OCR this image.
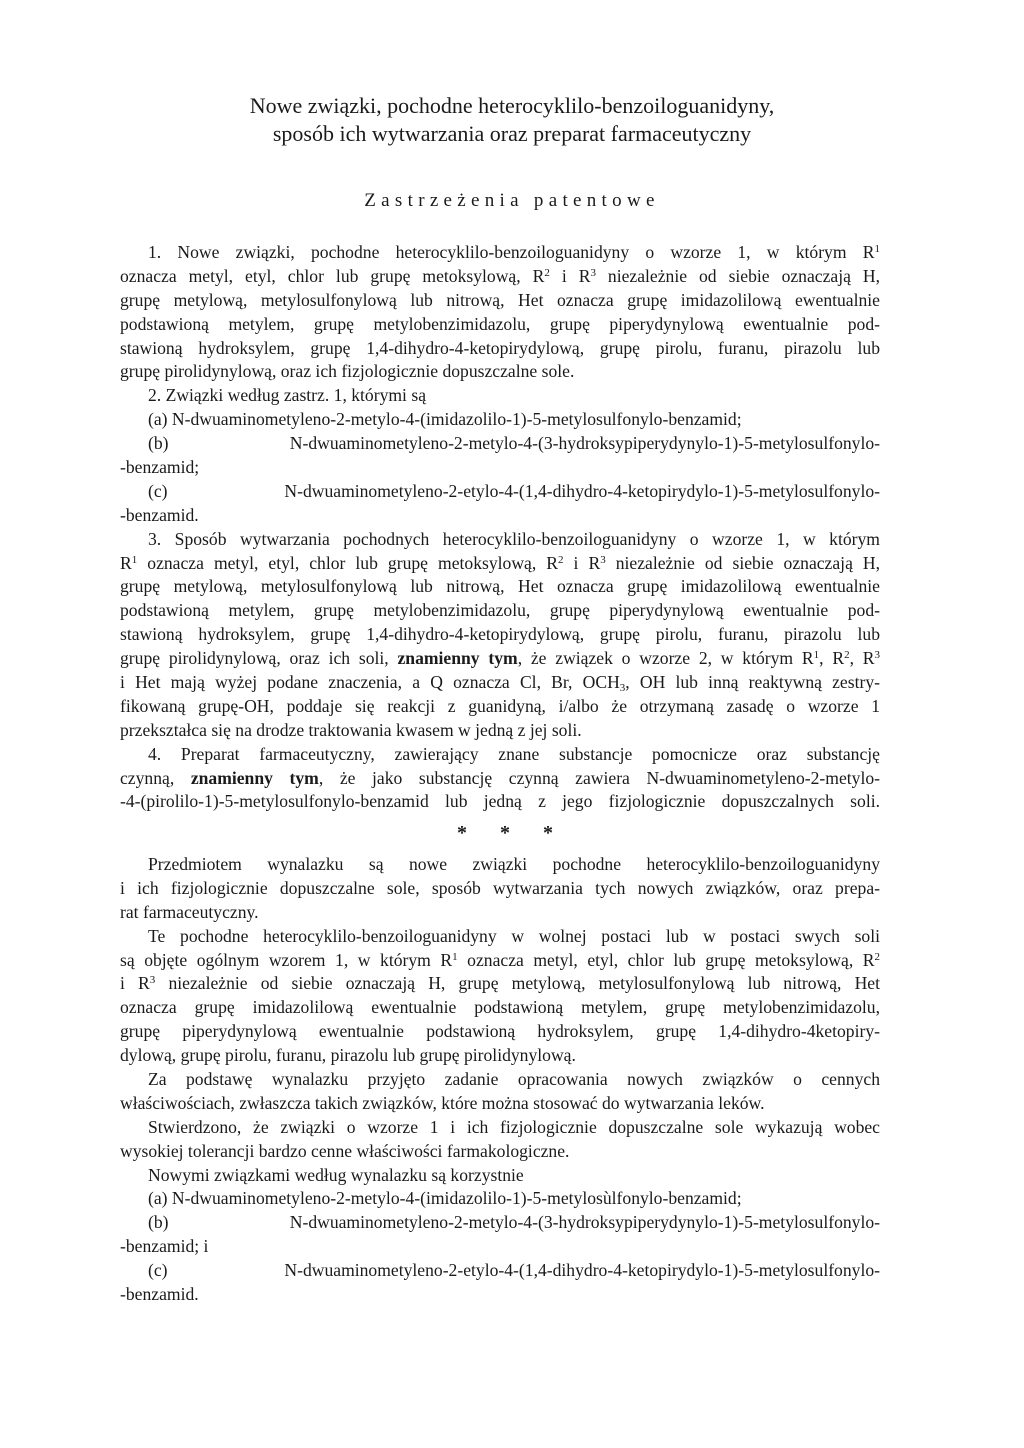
Nowe związki, pochodne heterocyklilo-benzoiloguanidyny,
sposób ich wytwarzania oraz preparat farmaceutyczny
Zastrzeżenia patentowe
1. Nowe związki, pochodne heterocyklilo-benzoiloguanidyny o wzorze 1, w którym $R^1$
oznacza metyl, etyl, chlor lub grupę metoksylową, $R^2$ i $R^3$ niezależnie od siebie oznaczają H,
grupę metylową, metylosulfonylową lub nitrową, Het oznacza grupę imidazolilową ewentualnie
podstawioną metylem, grupę metylobenzimidazolu, grupę piperydynylową ewentualnie pod-
stawioną hydroksylem, grupę 1,4-dihydro-4-ketopirydylową, grupę pirolu, furanu, pirazolu lub
grupę pirolidynylową, oraz ich fizjologicznie dopuszczalne sole.
2. Związki według zastrz. 1, którymi są
(a) N-dwuaminometyleno-2-metylo-4-(imidazolilo-1)-5-metylosulfonylo-benzamid;
(b) N-dwuaminometyleno-2-metylo-4-(3-hydroksypiperydynylo-1)-5-metylosulfonylo-
-benzamid;
(c) N-dwuaminometyleno-2-etylo-4-(1,4-dihydro-4-ketopirydylo-1)-5-metylosulfonylo-
-benzamid.
3. Sposób wytwarzania pochodnych heterocyklilo-benzoiloguanidyny o wzorze 1, w którym
$R^1$ oznacza metyl, etyl, chlor lub grupę metoksylową, $R^2$ i $R^3$ niezależnie od siebie oznaczają H,
grupę metylową, metylosulfonylową lub nitrową, Het oznacza grupę imidazolilową ewentualnie
podstawioną metylem, grupę metylobenzimidazolu, grupę piperydynylową ewentualnie pod-
stawioną hydroksylem, grupę 1,4-dihydro-4-ketopirydylową, grupę pirolu, furanu, pirazolu lub
grupę pirolidynylową, oraz ich soli, znamienny tym, że związek o wzorze 2, w którym $R^1$, $R^2$, $R^3$
i Het mają wyżej podane znaczenia, a Q oznacza Cl, Br, $OCH_3$, OH lub inną reaktywną zestry-
fikowaną grupę-OH, poddaje się reakcji z guanidyną, i/albo że otrzymaną zasadę o wzorze 1
przekształca się na drodze traktowania kwasem w jedną z jej soli.
4. Preparat farmaceutyczny, zawierający znane substancje pomocnicze oraz substancję
czynną, znamienny tym, że jako substancję czynną zawiera N-dwuaminometyleno-2-metylo-
-4-(pirolilo-1)-5-metylosulfonylo-benzamid lub jedną z jego fizjologicznie dopuszczalnych soli.
* * *
Przedmiotem wynalazku są nowe związki pochodne heterocyklilo-benzoiloguanidyny
i ich fizjologicznie dopuszczalne sole, sposób wytwarzania tych nowych związków, oraz prepa-
rat farmaceutyczny.
Te pochodne heterocyklilo-benzoiloguanidyny w wolnej postaci lub w postaci swych soli
są objęte ogólnym wzorem 1, w którym $R^1$ oznacza metyl, etyl, chlor lub grupę metoksylową, $R^2$
i $R^3$ niezależnie od siebie oznaczają H, grupę metylową, metylosulfonylową lub nitrową, Het
oznacza grupę imidazolilową ewentualnie podstawioną metylem, grupę metylobenzimidazolu,
grupę piperydynylową ewentualnie podstawioną hydroksylem, grupę 1,4-dihydro-4ketopiry-
dylową, grupę pirolu, furanu, pirazolu lub grupę pirolidynylową.
Za podstawę wynalazku przyjęto zadanie opracowania nowych związków o cennych
właściwościach, zwłaszcza takich związków, które można stosować do wytwarzania leków.
Stwierdzono, że związki o wzorze 1 i ich fizjologicznie dopuszczalne sole wykazują wobec
wysokiej tolerancji bardzo cenne właściwości farmakologiczne.
Nowymi związkami według wynalazku są korzystnie
(a) N-dwuaminometyleno-2-metylo-4-(imidazolilo-1)-5-metylosùlfonylo-benzamid;
(b) N-dwuaminometyleno-2-metylo-4-(3-hydroksypiperydynylo-1)-5-metylosulfonylo-
-benzamid; i
(c) N-dwuaminometyleno-2-etylo-4-(1,4-dihydro-4-ketopirydylo-1)-5-metylosulfonylo-
-benzamid.
